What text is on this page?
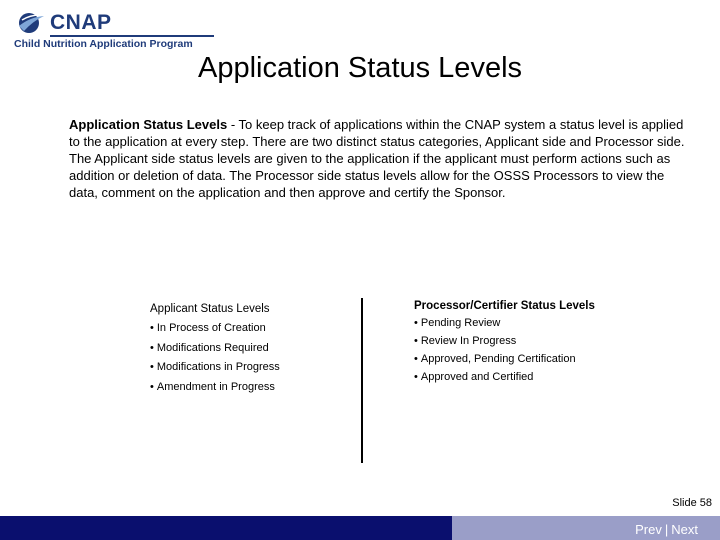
CNAP
Child Nutrition Application Program
Application Status Levels

Application Status Levels - To keep track of applications within the CNAP system a status level is applied to the application at every step. There are two distinct status categories, Applicant side and Processor side. The Applicant side status levels are given to the application if the applicant must perform actions such as addition or deletion of data. The Processor side status levels allow for the OSSS Processors to view the data, comment on the application and then approve and certify the Sponsor.

Applicant Status Levels
• In Process of Creation
• Modifications Required
• Modifications in Progress
• Amendment in Progress
Processor/Certifier Status Levels
• Pending Review
• Review In Progress
• Approved, Pending Certification
• Approved and Certified
Slide 58
Prev | Next
